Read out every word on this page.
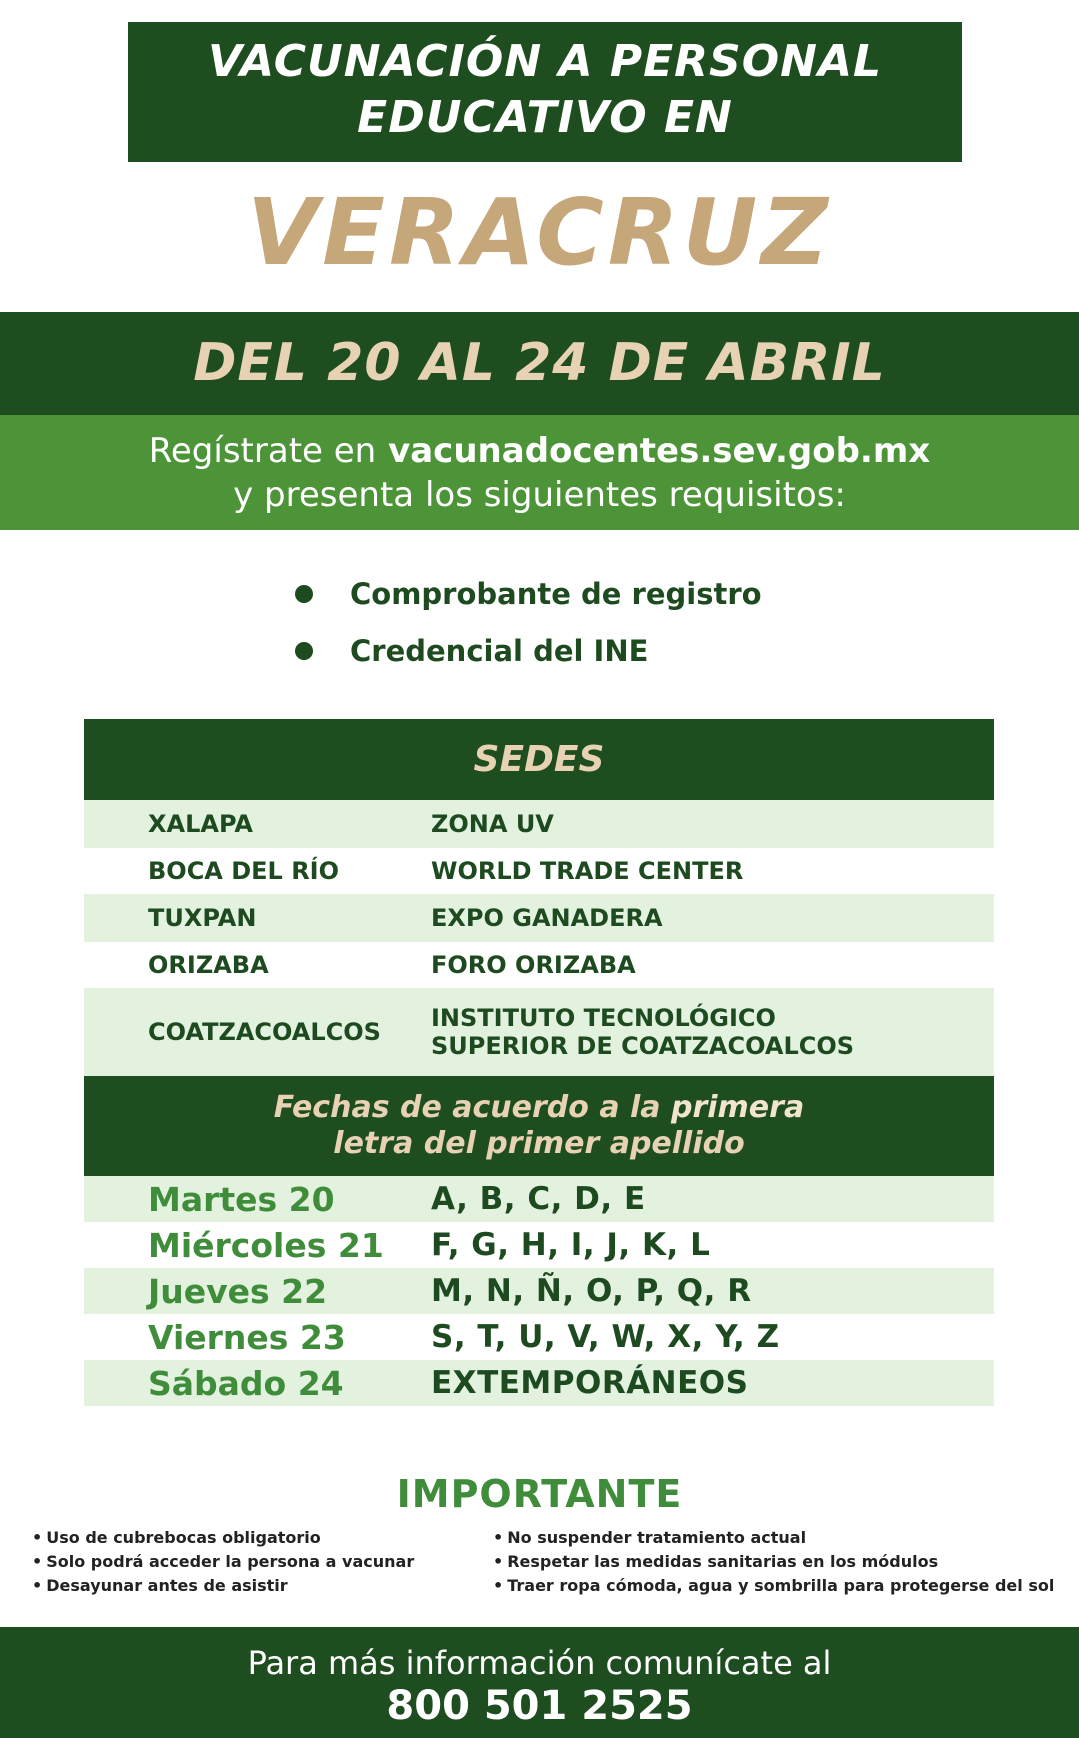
VACUNACIÓN A PERSONAL
EDUCATIVO EN
VERACRUZ
DEL 20 AL 24 DE ABRIL
Regístrate en vacunadocentes.sev.gob.mx
y presenta los siguientes requisitos:
Comprobante de registro
Credencial del INE
SEDES
XALAPA	ZONA UV
BOCA DEL RÍO	WORLD TRADE CENTER
TUXPAN	EXPO GANADERA
ORIZABA	FORO ORIZABA
COATZACOALCOS	INSTITUTO TECNOLÓGICO
SUPERIOR DE COATZACOALCOS
Fechas de acuerdo a la primera
letra del primer apellido
Martes 20	A, B, C, D, E
Miércoles 21	F, G, H, I, J, K, L
Jueves 22	M, N, Ñ, O, P, Q, R
Viernes 23	S, T, U, V, W, X, Y, Z
Sábado 24	EXTEMPORÁNEOS
IMPORTANTE
• Uso de cubrebocas obligatorio
• Solo podrá acceder la persona a vacunar
• Desayunar antes de asistir
• No suspender tratamiento actual
• Respetar las medidas sanitarias en los módulos
• Traer ropa cómoda, agua y sombrilla para protegerse del sol
Para más información comunícate al
800 501 2525
